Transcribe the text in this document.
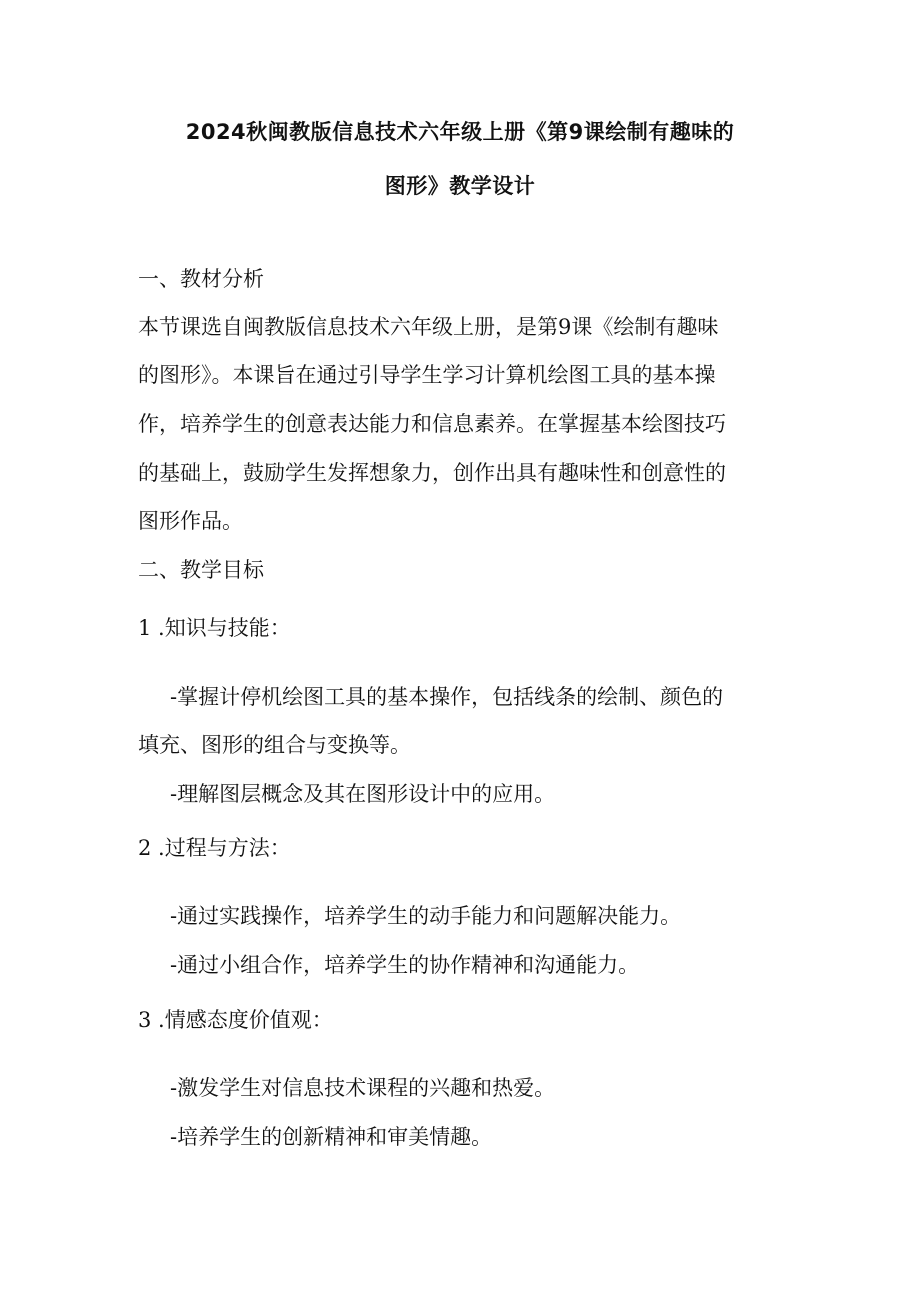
2024秋闽教版信息技术六年级上册《第9课绘制有趣味的
图形》教学设计

一、教材分析

本节课选自闽教版信息技术六年级上册，是第9课《绘制有趣味

的图形》。本课旨在通过引导学生学习计算机绘图工具的基本操

作，培养学生的创意表达能力和信息素养。在掌握基本绘图技巧

的基础上，鼓励学生发挥想象力，创作出具有趣味性和创意性的

图形作品。

二、教学目标

1 .知识与技能：

-掌握计停机绘图工具的基本操作，包括线条的绘制、颜色的

填充、图形的组合与变换等。

-理解图层概念及其在图形设计中的应用。

2 .过程与方法：

-通过实践操作，培养学生的动手能力和问题解决能力。

-通过小组合作，培养学生的协作精神和沟通能力。

3 .情感态度价值观：

-激发学生对信息技术课程的兴趣和热爱。

-培养学生的创新精神和审美情趣。
